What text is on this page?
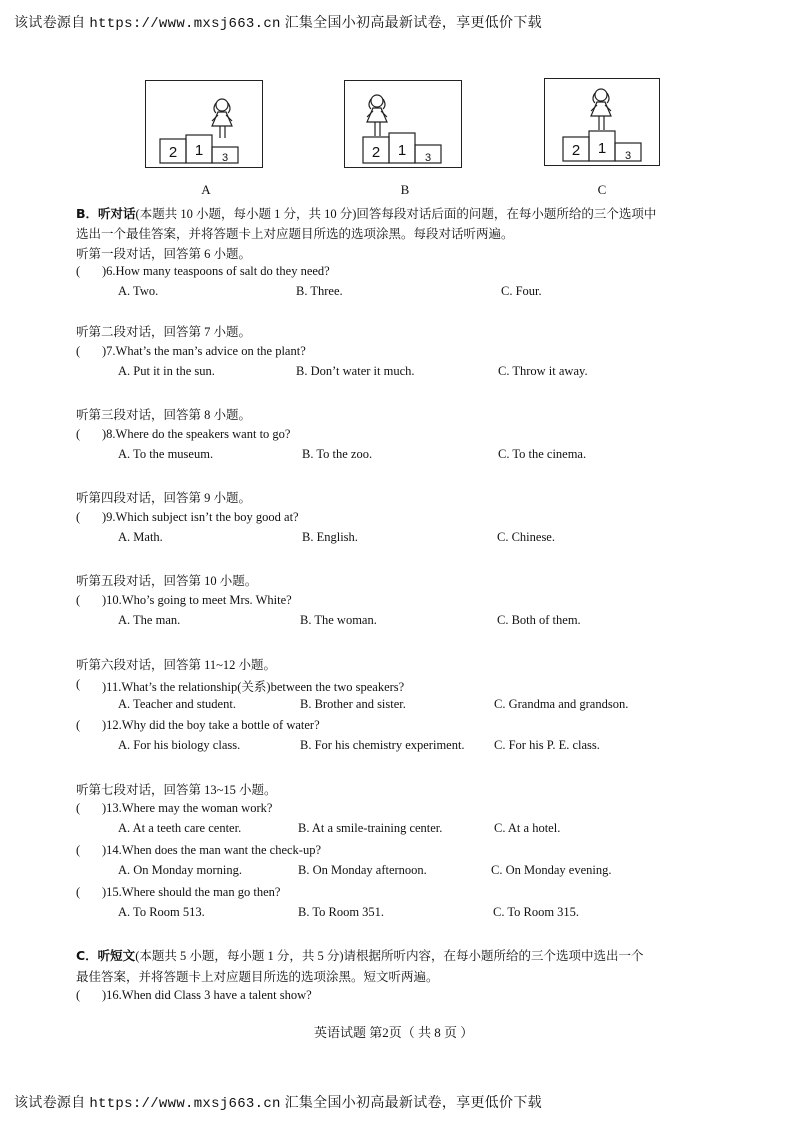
该试卷源自 https://www.mxsj663.cn 汇集全国小初高最新试卷，享更低价下载
2 1 3	2 1 3	2 1 3
A	B	C
B．听对话(本题共 10 小题，每小题 1 分，共 10 分)回答每段对话后面的问题，在每小题所给的三个选项中
选出一个最佳答案，并将答题卡上对应题目所选的选项涂黑。每段对话听两遍。
听第一段对话，回答第 6 小题。
( )6.How many teaspoons of salt do they need?
A. Two.	B. Three.	C. Four.
听第二段对话，回答第 7 小题。
( )7.What’s the man’s advice on the plant?
A. Put it in the sun.	B. Don’t water it much.	C. Throw it away.
听第三段对话，回答第 8 小题。
( )8.Where do the speakers want to go?
A. To the museum.	B. To the zoo.	C. To the cinema.
听第四段对话，回答第 9 小题。
( )9.Which subject isn’t the boy good at?
A. Math.	B. English.	C. Chinese.
听第五段对话，回答第 10 小题。
( )10.Who’s going to meet Mrs. White?
A. The man.	B. The woman.	C. Both of them.
听第六段对话，回答第 11~12 小题。
( )11.What’s the relationship(关系)between the two speakers?
A. Teacher and student.	B. Brother and sister.	C. Grandma and grandson.
( )12.Why did the boy take a bottle of water?
A. For his biology class.	B. For his chemistry experiment. C. For his P. E. class.
听第七段对话，回答第 13~15 小题。
( )13.Where may the woman work?
A. At a teeth care center.	B. At a smile-training center.	C. At a hotel.
( )14.When does the man want the check-up?
A. On Monday morning.	B. On Monday afternoon.	C. On Monday evening.
( )15.Where should the man go then?
A. To Room 513.	B. To Room 351.	C. To Room 315.
C．听短文(本题共 5 小题，每小题 1 分，共 5 分)请根据所听内容，在每小题所给的三个选项中选出一个
最佳答案，并将答题卡上对应题目所选的选项涂黑。短文听两遍。
( )16.When did Class 3 have a talent show?
英语试题 第2页（ 共 8 页 ）
该试卷源自 https://www.mxsj663.cn 汇集全国小初高最新试卷，享更低价下载
